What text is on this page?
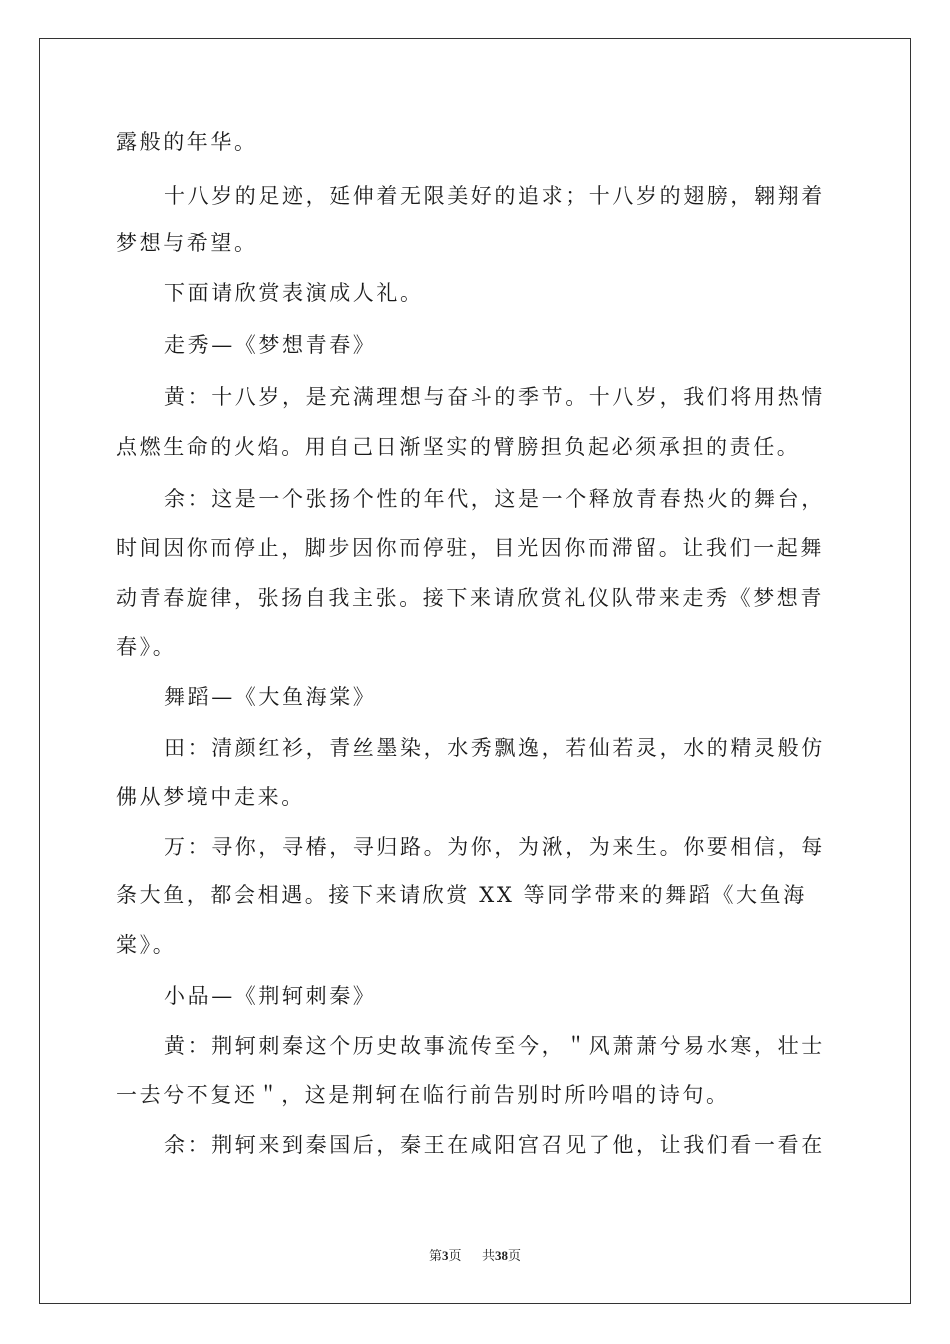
露般的年华。
十八岁的足迹，延伸着无限美好的追求；十八岁的翅膀，翱翔着
梦想与希望。
下面请欣赏表演成人礼。
走秀—《梦想青春》
黄：十八岁，是充满理想与奋斗的季节。十八岁，我们将用热情
点燃生命的火焰。用自己日渐坚实的臂膀担负起必须承担的责任。
余：这是一个张扬个性的年代，这是一个释放青春热火的舞台，
时间因你而停止，脚步因你而停驻，目光因你而滞留。让我们一起舞
动青春旋律，张扬自我主张。接下来请欣赏礼仪队带来走秀《梦想青
春》。
舞蹈—《大鱼海棠》
田：清颜红衫，青丝墨染，水秀飘逸，若仙若灵，水的精灵般仿
佛从梦境中走来。
万：寻你，寻椿，寻归路。为你，为湫，为来生。你要相信，每
条大鱼，都会相遇。接下来请欣赏 XX 等同学带来的舞蹈《大鱼海
棠》。
小品—《荆轲刺秦》
黄：荆轲刺秦这个历史故事流传至今，＂风萧萧兮易水寒，壮士
一去兮不复还＂，这是荆轲在临行前告别时所吟唱的诗句。
余：荆轲来到秦国后，秦王在咸阳宫召见了他，让我们看一看在
第3页 共38页
